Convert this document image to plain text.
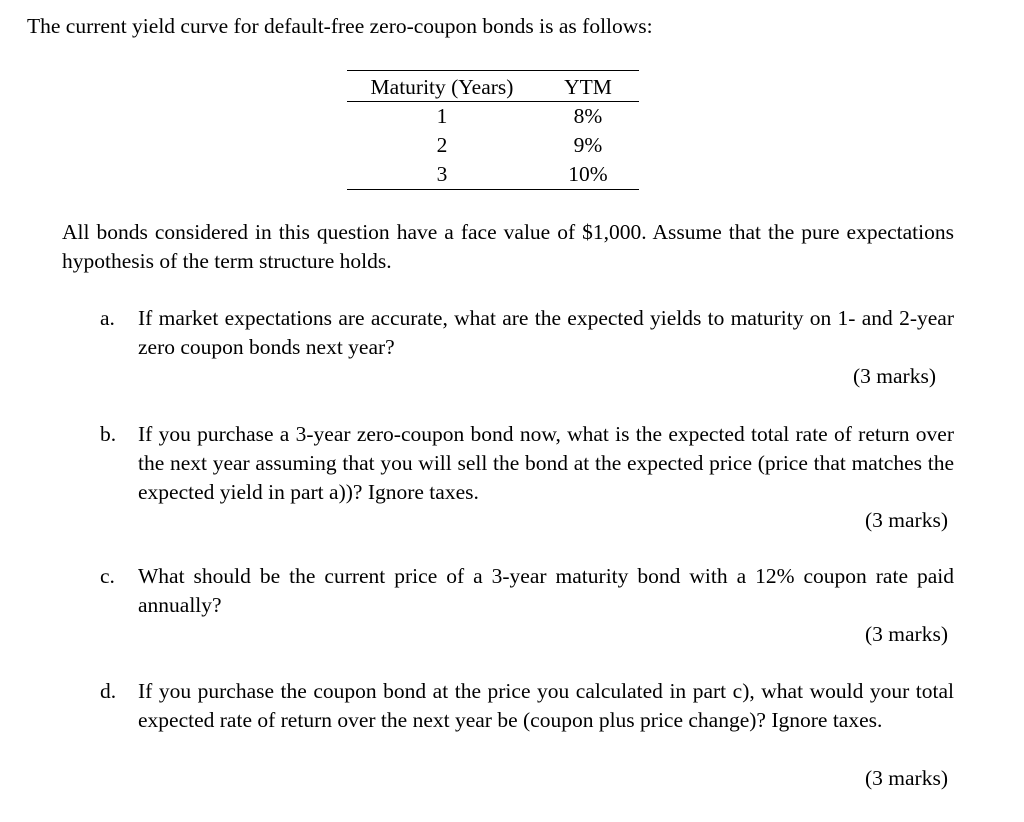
The current yield curve for default-free zero-coupon bonds is as follows:

Maturity (Years)	YTM
1	8%
2	9%
3	10%

All bonds considered in this question have a face value of $1,000. Assume that the pure expectations hypothesis of the term structure holds.

a. If market expectations are accurate, what are the expected yields to maturity on 1- and 2-year zero coupon bonds next year?

(3 marks)
b. If you purchase a 3-year zero-coupon bond now, what is the expected total rate of return over the next year assuming that you will sell the bond at the expected price (price that matches the expected yield in part a))? Ignore taxes.

(3 marks)
c. What should be the current price of a 3-year maturity bond with a 12% coupon rate paid annually?

(3 marks)
d. If you purchase the coupon bond at the price you calculated in part c), what would your total expected rate of return over the next year be (coupon plus price change)? Ignore taxes.

(3 marks)
